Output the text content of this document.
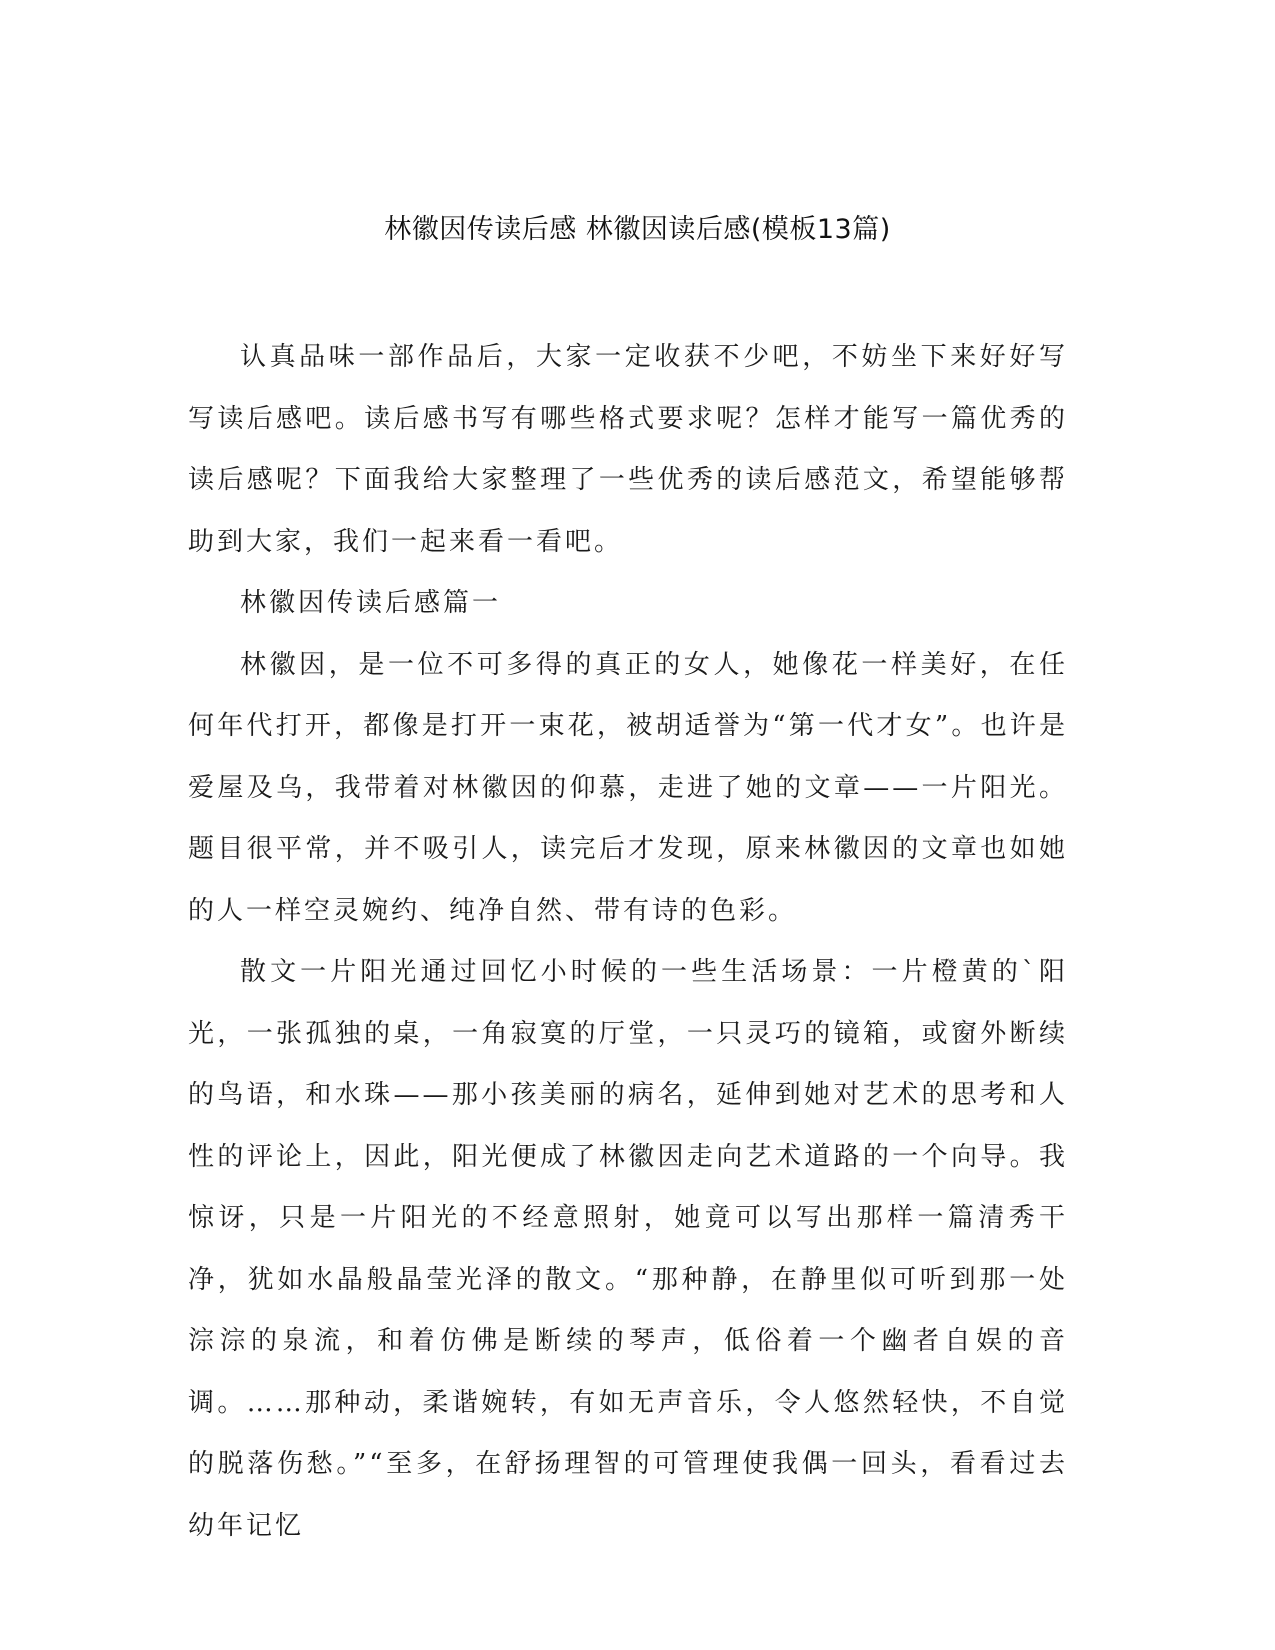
林徽因传读后感 林徽因读后感(模板13篇)

认真品味一部作品后，大家一定收获不少吧，不妨坐下来好好写写读后感吧。读后感书写有哪些格式要求呢？怎样才能写一篇优秀的读后感呢？下面我给大家整理了一些优秀的读后感范文，希望能够帮助到大家，我们一起来看一看吧。

林徽因传读后感篇一

林徽因，是一位不可多得的真正的女人，她像花一样美好，在任何年代打开，都像是打开一束花，被胡适誉为“第一代才女”。也许是爱屋及乌，我带着对林徽因的仰慕，走进了她的文章——一片阳光。题目很平常，并不吸引人，读完后才发现，原来林徽因的文章也如她的人一样空灵婉约、纯净自然、带有诗的色彩。

散文一片阳光通过回忆小时候的一些生活场景：一片橙黄的`阳光，一张孤独的桌，一角寂寞的厅堂，一只灵巧的镜箱，或窗外断续的鸟语，和水珠——那小孩美丽的病名，延伸到她对艺术的思考和人性的评论上，因此，阳光便成了林徽因走向艺术道路的一个向导。我惊讶，只是一片阳光的不经意照射，她竟可以写出那样一篇清秀干净，犹如水晶般晶莹光泽的散文。“那种静，在静里似可听到那一处淙淙的泉流，和着仿佛是断续的琴声，低俗着一个幽者自娱的音调。……那种动，柔谐婉转，有如无声音乐，令人悠然轻快，不自觉的脱落伤愁。”“至多，在舒扬理智的可管理使我偶一回头，看看过去幼年记忆
